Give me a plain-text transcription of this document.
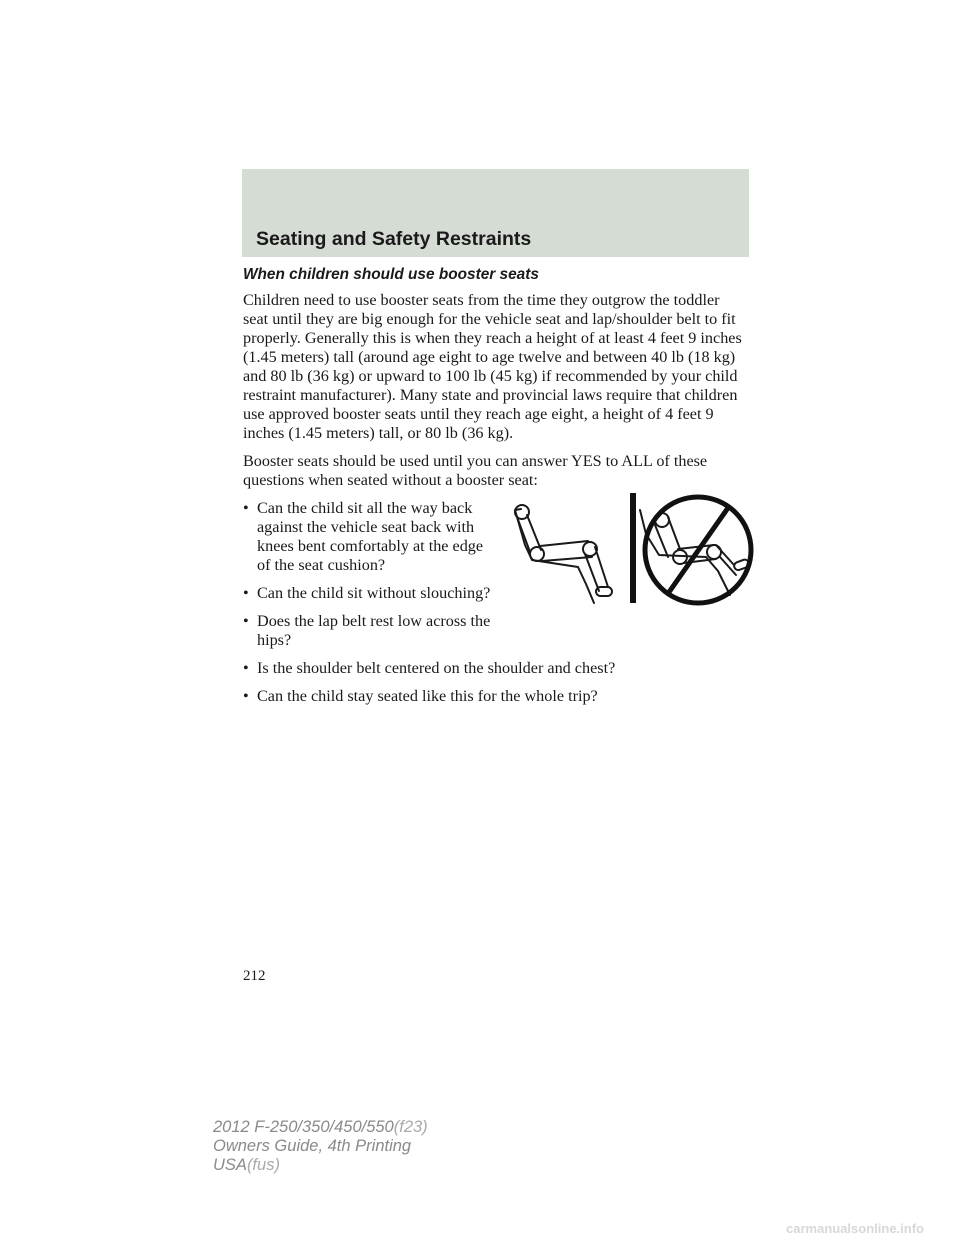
Seating and Safety Restraints
When children should use booster seats

Children need to use booster seats from the time they outgrow the toddler seat until they are big enough for the vehicle seat and lap/shoulder belt to fit properly. Generally this is when they reach a height of at least 4 feet 9 inches (1.45 meters) tall (around age eight to age twelve and between 40 lb (18 kg) and 80 lb (36 kg) or upward to 100 lb (45 kg) if recommended by your child restraint manufacturer). Many state and provincial laws require that children use approved booster seats until they reach age eight, a height of 4 feet 9 inches (1.45 meters) tall, or 80 lb (36 kg).

Booster seats should be used until you can answer YES to ALL of these questions when seated without a booster seat:

• Can the child sit all the way back against the vehicle seat back with knees bent comfortably at the edge of the seat cushion?
• Can the child sit without slouching?
• Does the lap belt rest low across the hips?
• Is the shoulder belt centered on the shoulder and chest?
• Can the child stay seated like this for the whole trip?
212
2012 F-250/350/450/550(f23)
Owners Guide, 4th Printing
USA(fus)
carmanualsonline.info
